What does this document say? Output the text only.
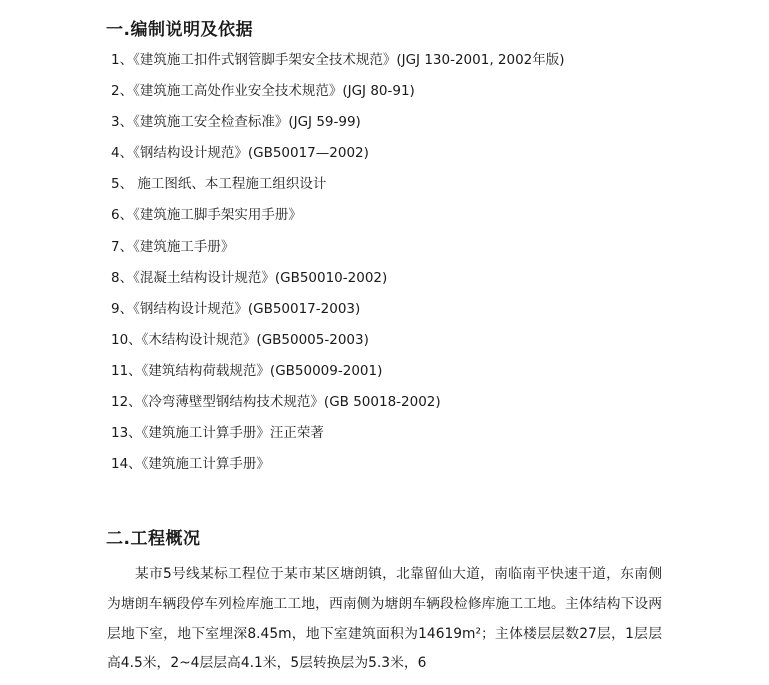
一.编制说明及依据
1、《建筑施工扣件式钢管脚手架安全技术规范》(JGJ 130-2001, 2002年版)
2、《建筑施工高处作业安全技术规范》(JGJ 80-91)
3、《建筑施工安全检查标准》(JGJ 59-99)
4、《钢结构设计规范》(GB50017—2002)
5、 施工图纸、本工程施工组织设计
6、《建筑施工脚手架实用手册》
7、《建筑施工手册》
8、《混凝土结构设计规范》(GB50010-2002)
9、《钢结构设计规范》(GB50017-2003)
10、《木结构设计规范》(GB50005-2003)
11、《建筑结构荷载规范》(GB50009-2001)
12、《冷弯薄壁型钢结构技术规范》(GB 50018-2002)
13、《建筑施工计算手册》汪正荣著
14、《建筑施工计算手册》
二.工程概况

某市5号线某标工程位于某市某区塘朗镇，北靠留仙大道，南临南平快速干道，东南侧为塘朗车辆段停车列检库施工工地，西南侧为塘朗车辆段检修库施工工地。主体结构下设两层地下室，地下室埋深8.45m，地下室建筑面积为14619m²；主体楼层层数27层，1层层高4.5米，2~4层层高4.1米，5层转换层为5.3米，6
